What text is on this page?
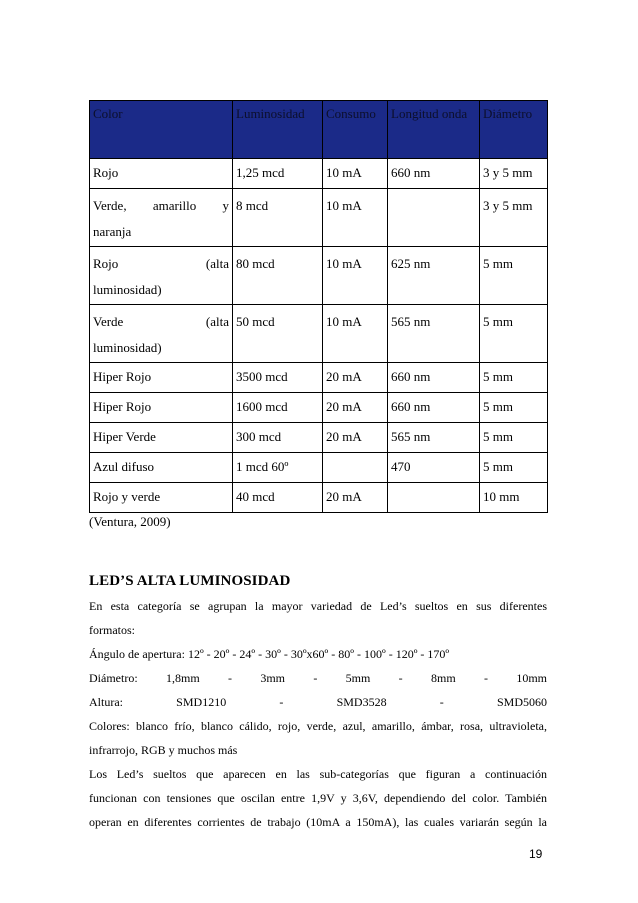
Color	Luminosidad	Consumo	Longitud onda	Diámetro
Rojo	1,25 mcd	10 mA	660 nm	3 y 5 mm

Verde, amarillo y
naranja	8 mcd	10 mA		3 y 5 mm

Rojo (alta
luminosidad)	80 mcd	10 mA	625 nm	5 mm

Verde (alta
luminosidad)	50 mcd	10 mA	565 nm	5 mm
Hiper Rojo	3500 mcd	20 mA	660 nm	5 mm
Hiper Rojo	1600 mcd	20 mA	660 nm	5 mm
Hiper Verde	300 mcd	20 mA	565 nm	5 mm
Azul difuso	1 mcd 60º		470	5 mm
Rojo y verde	40 mcd	20 mA		10 mm
(Ventura, 2009)
LED’S ALTA LUMINOSIDAD
En esta categoría se agrupan la mayor variedad de Led’s sueltos en sus diferentes
formatos:
Ángulo de apertura: 12º - 20º - 24º - 30º - 30ºx60º - 80º - 100º - 120º - 170º
Diámetro: 1,8mm - 3mm - 5mm - 8mm - 10mm
Altura: SMD1210 - SMD3528 - SMD5060
Colores: blanco frío, blanco cálido, rojo, verde, azul, amarillo, ámbar, rosa, ultravioleta,
infrarrojo, RGB y muchos más
Los Led’s sueltos que aparecen en las sub-categorías que figuran a continuación
funcionan con tensiones que oscilan entre 1,9V y 3,6V, dependiendo del color. También
operan en diferentes corrientes de trabajo (10mA a 150mA), las cuales variarán según la
19
